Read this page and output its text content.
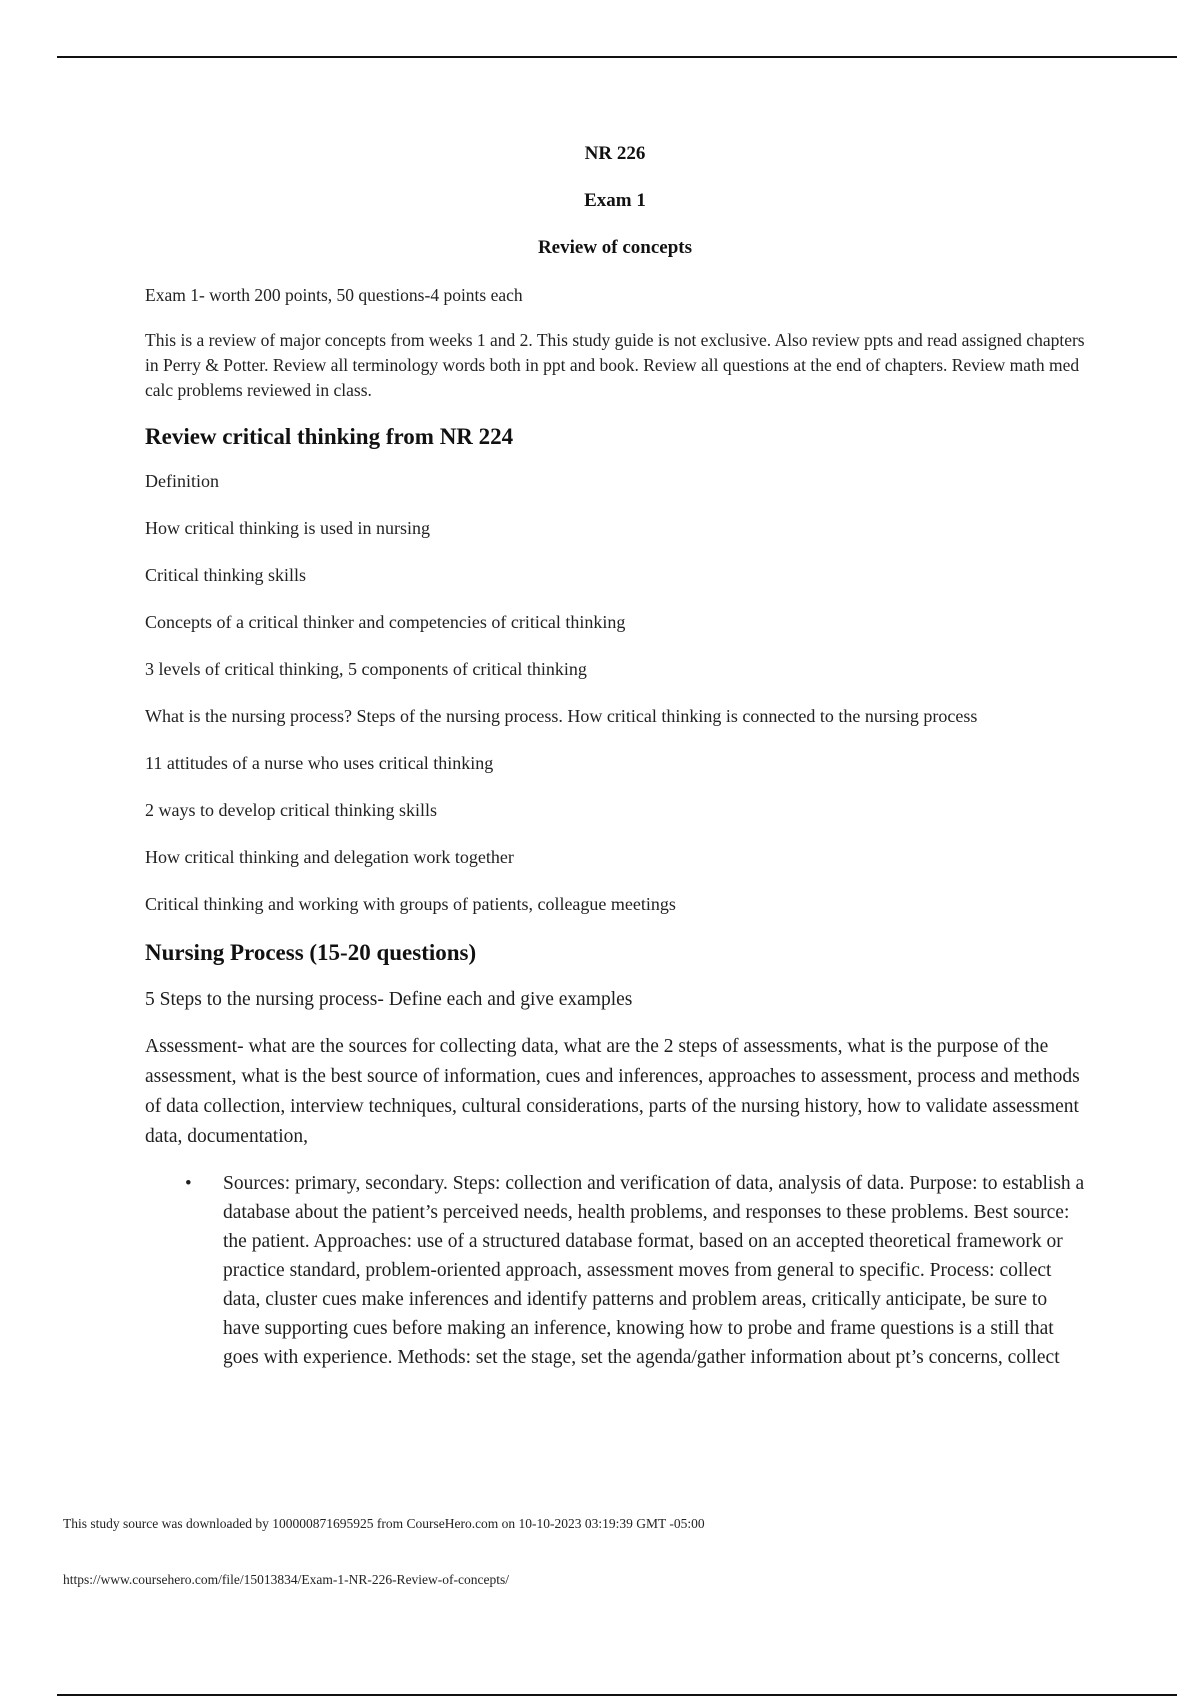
NR 226
Exam 1
Review of concepts

Exam 1- worth 200 points, 50 questions-4 points each

This is a review of major concepts from weeks 1 and 2. This study guide is not exclusive. Also review ppts and read assigned chapters in Perry & Potter. Review all terminology words both in ppt and book. Review all questions at the end of chapters. Review math med calc problems reviewed in class.

Review critical thinking from NR 224
Definition
How critical thinking is used in nursing
Critical thinking skills
Concepts of a critical thinker and competencies of critical thinking
3 levels of critical thinking, 5 components of critical thinking
What is the nursing process? Steps of the nursing process. How critical thinking is connected to the nursing process
11 attitudes of a nurse who uses critical thinking
2 ways to develop critical thinking skills
How critical thinking and delegation work together
Critical thinking and working with groups of patients, colleague meetings
Nursing Process (15-20 questions)

5 Steps to the nursing process- Define each and give examples

Assessment- what are the sources for collecting data, what are the 2 steps of assessments, what is the purpose of the assessment, what is the best source of information, cues and inferences, approaches to assessment, process and methods of data collection, interview techniques, cultural considerations, parts of the nursing history, how to validate assessment data, documentation,

• Sources: primary, secondary. Steps: collection and verification of data, analysis of data. Purpose: to establish a database about the patient’s perceived needs, health problems, and responses to these problems. Best source: the patient. Approaches: use of a structured database format, based on an accepted theoretical framework or practice standard, problem-oriented approach, assessment moves from general to specific. Process: collect data, cluster cues make inferences and identify patterns and problem areas, critically anticipate, be sure to have supporting cues before making an inference, knowing how to probe and frame questions is a still that goes with experience. Methods: set the stage, set the agenda/gather information about pt’s concerns, collect
This study source was downloaded by 100000871695925 from CourseHero.com on 10-10-2023 03:19:39 GMT -05:00
https://www.coursehero.com/file/15013834/Exam-1-NR-226-Review-of-concepts/
